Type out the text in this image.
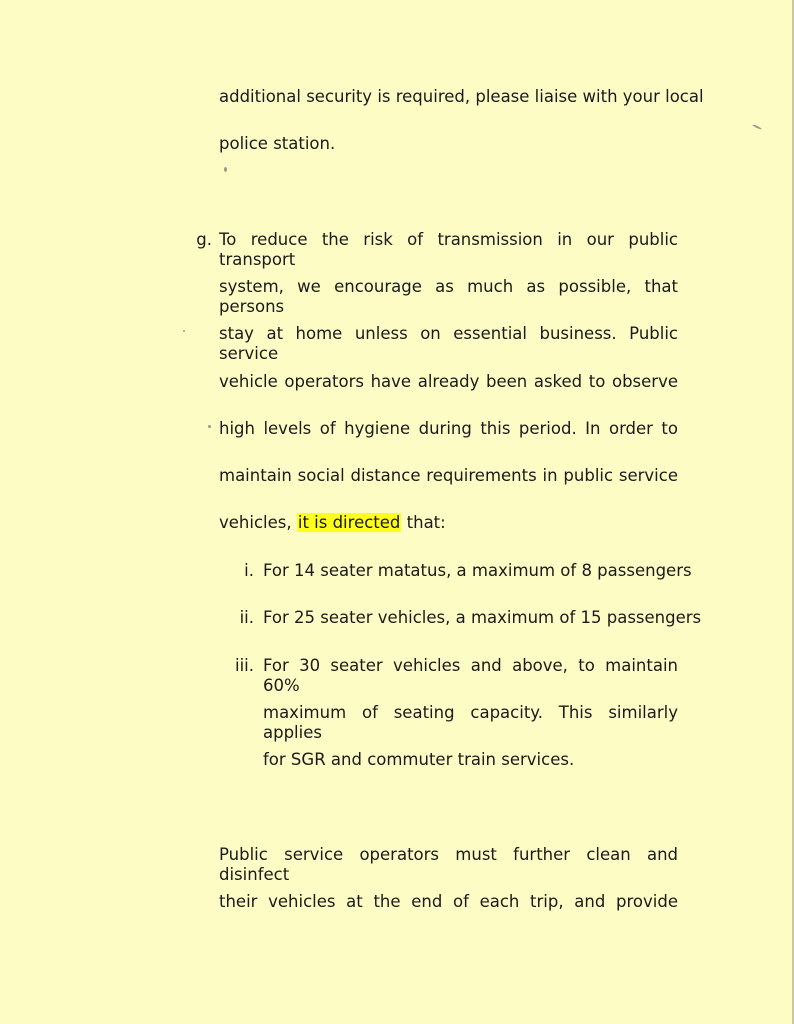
additional security is required, please liaise with your local
police station.
g. To reduce the risk of transmission in our public transport
system, we encourage as much as possible, that persons
stay at home unless on essential business. Public service
vehicle operators have already been asked to observe
high levels of hygiene during this period. In order to
maintain social distance requirements in public service
vehicles, it is directed that:
i. For 14 seater matatus, a maximum of 8 passengers
ii. For 25 seater vehicles, a maximum of 15 passengers
iii. For 30 seater vehicles and above, to maintain 60%
maximum of seating capacity. This similarly applies
for SGR and commuter train services.
Public service operators must further clean and disinfect
their vehicles at the end of each trip, and provide
